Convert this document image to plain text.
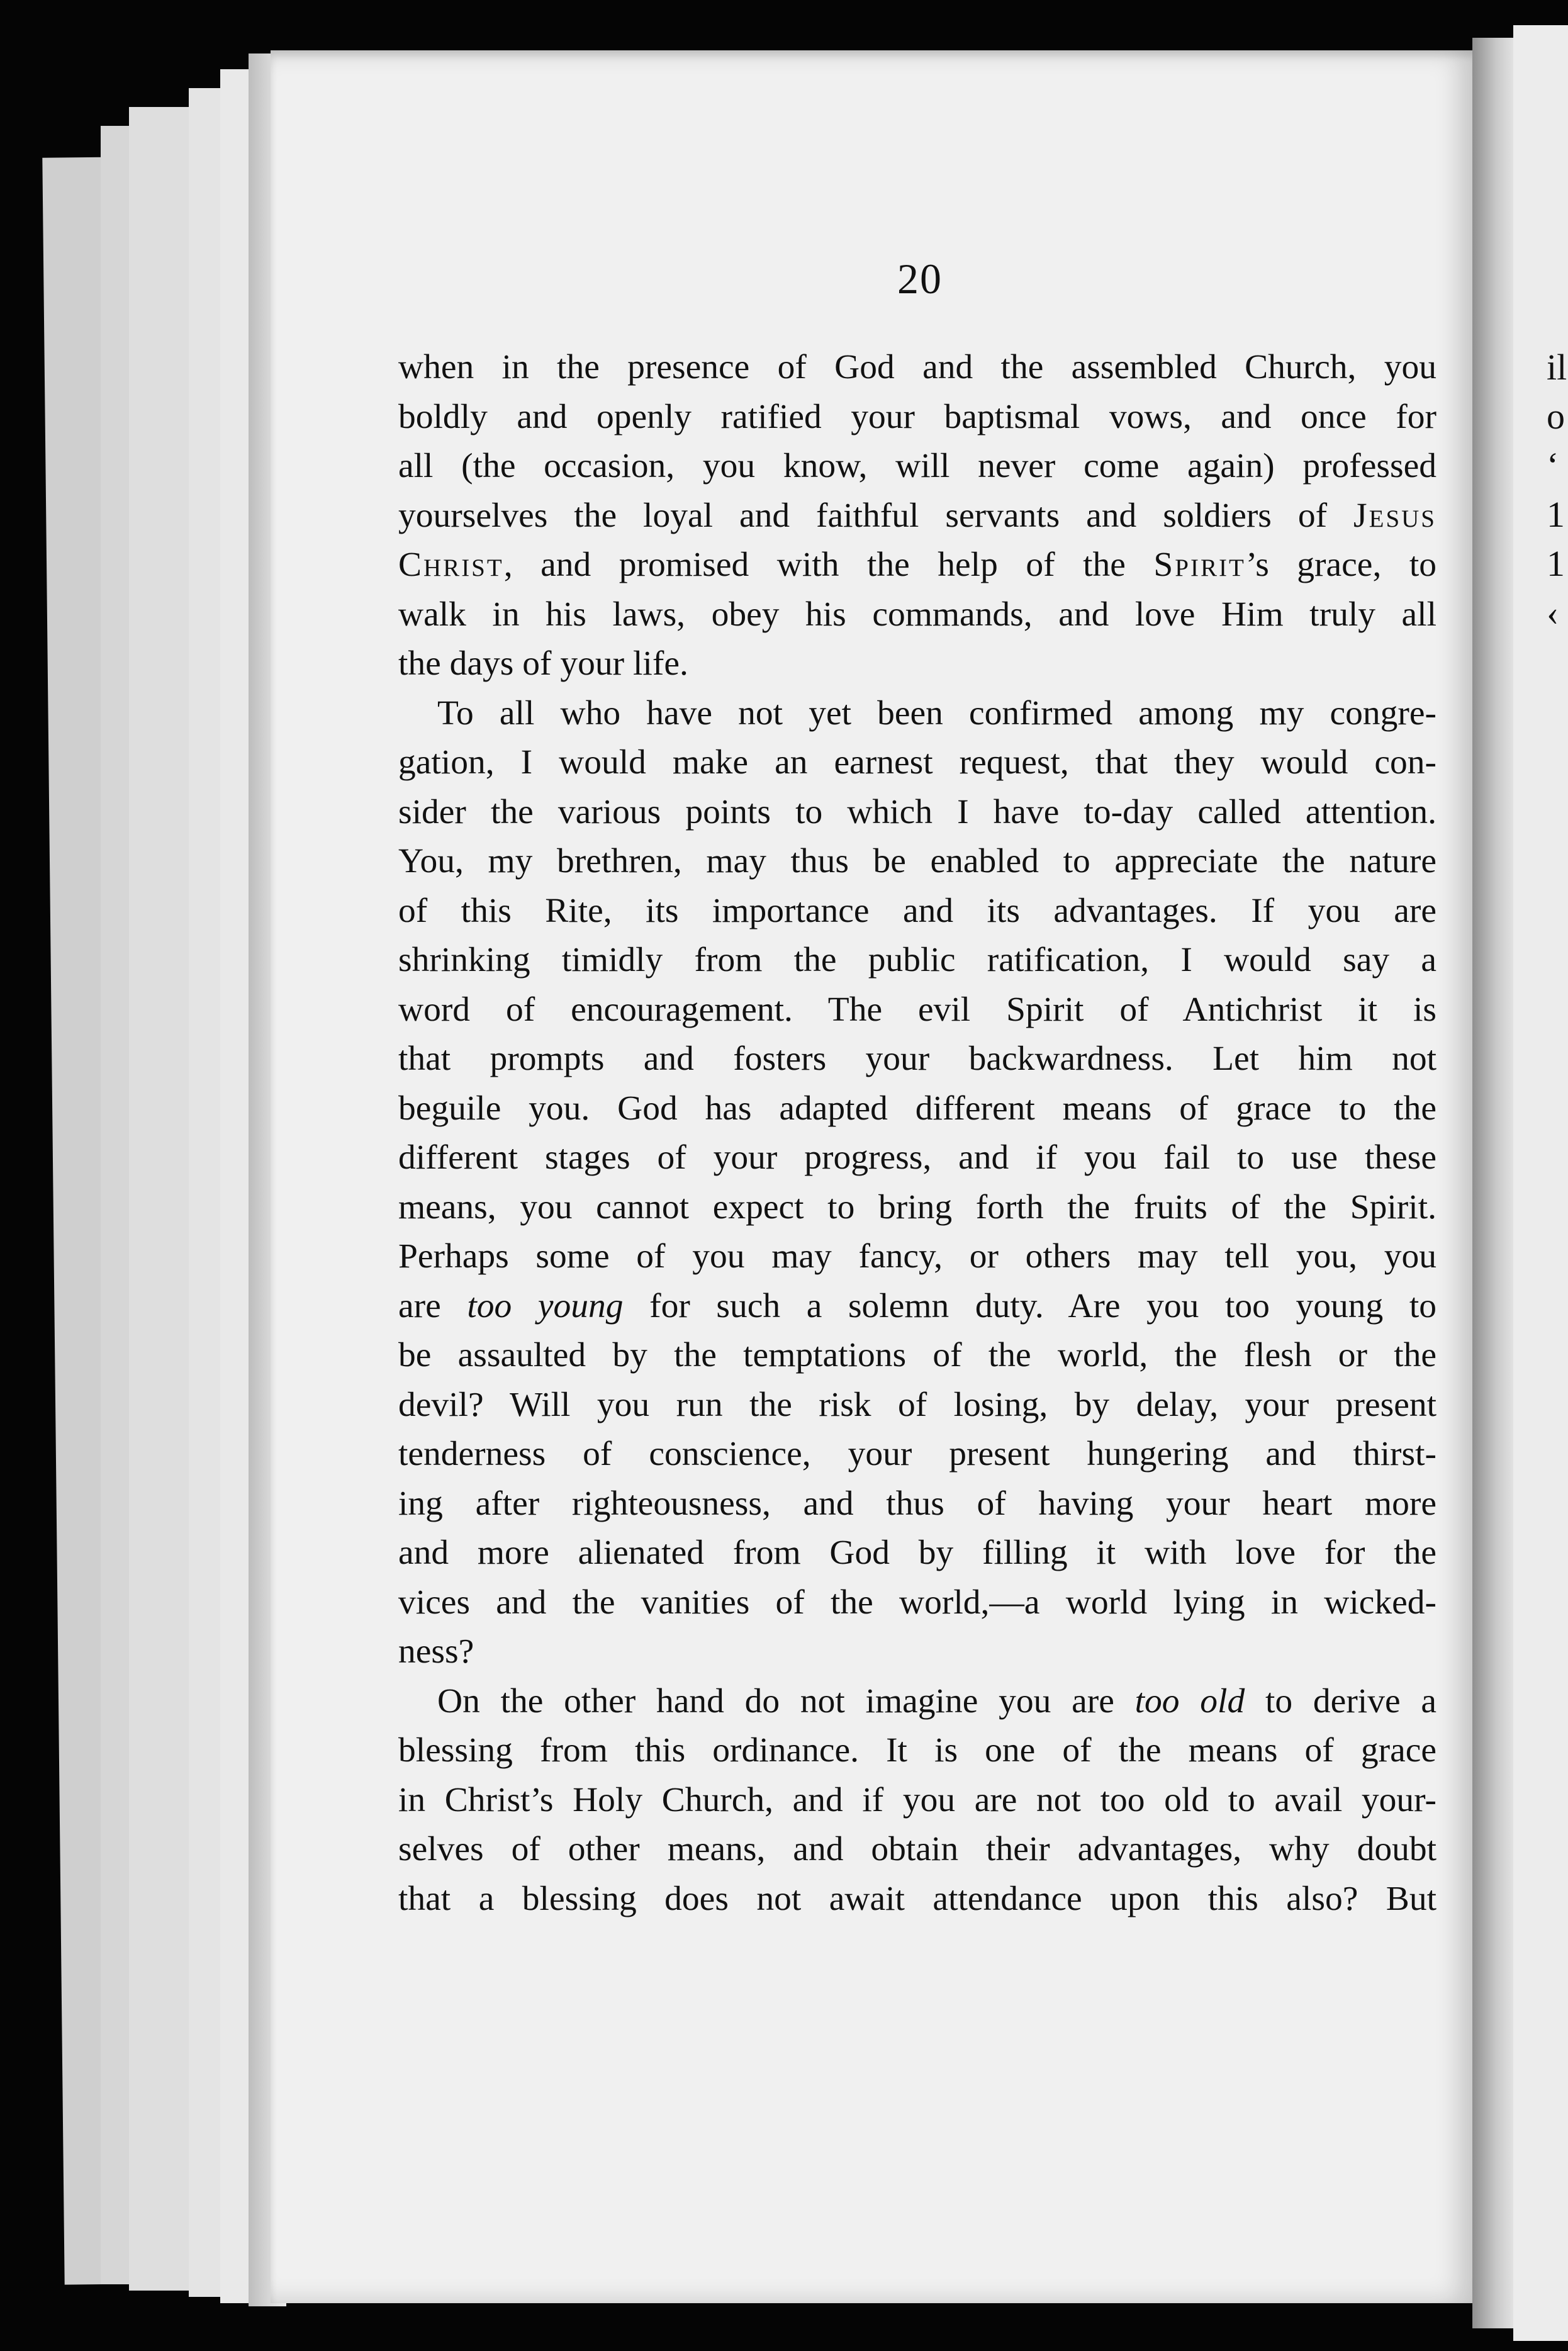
il
o
‘
1
1
‹
20
when in the presence of God and the assembled Church, you
boldly and openly ratified your baptismal vows, and once for
all (the occasion, you know, will never come again) professed
yourselves the loyal and faithful servants and soldiers of Jesus
Christ, and promised with the help of the Spirit’s grace, to
walk in his laws, obey his commands, and love Him truly all
the days of your life.
To all who have not yet been confirmed among my congre-
gation, I would make an earnest request, that they would con-
sider the various points to which I have to-day called attention.
You, my brethren, may thus be enabled to appreciate the nature
of this Rite, its importance and its advantages. If you are
shrinking timidly from the public ratification, I would say a
word of encouragement. The evil Spirit of Antichrist it is
that prompts and fosters your backwardness. Let him not
beguile you. God has adapted different means of grace to the
different stages of your progress, and if you fail to use these
means, you cannot expect to bring forth the fruits of the Spirit.
Perhaps some of you may fancy, or others may tell you, you
are too young for such a solemn duty. Are you too young to
be assaulted by the temptations of the world, the flesh or the
devil? Will you run the risk of losing, by delay, your present
tenderness of conscience, your present hungering and thirst-
ing after righteousness, and thus of having your heart more
and more alienated from God by filling it with love for the
vices and the vanities of the world,—a world lying in wicked-
ness?
On the other hand do not imagine you are too old to derive a
blessing from this ordinance. It is one of the means of grace
in Christ’s Holy Church, and if you are not too old to avail your-
selves of other means, and obtain their advantages, why doubt
that a blessing does not await attendance upon this also? But
